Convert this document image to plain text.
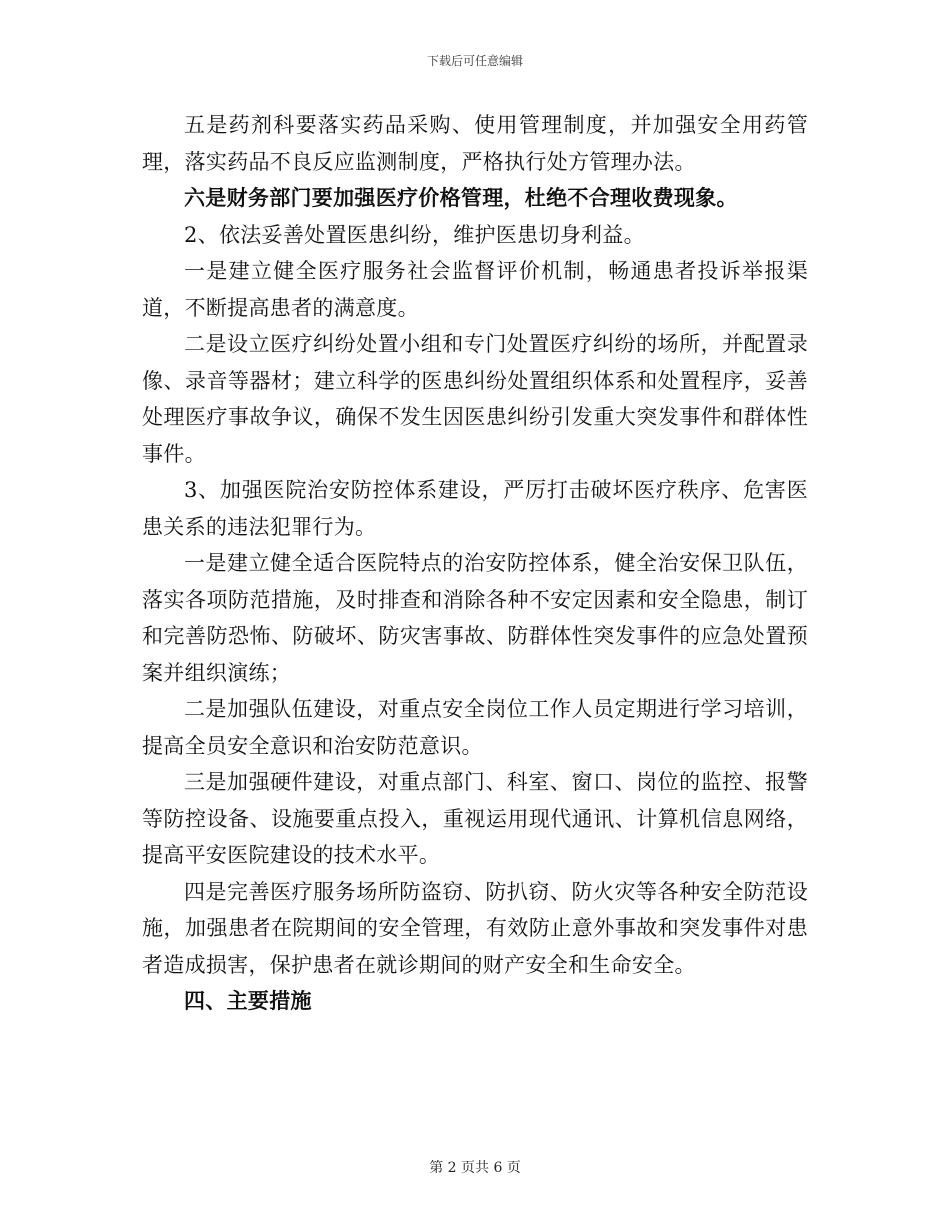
下载后可任意编辑

五是药剂科要落实药品采购、使用管理制度，并加强安全用药管理，落实药品不良反应监测制度，严格执行处方管理办法。

六是财务部门要加强医疗价格管理，杜绝不合理收费现象。

2、依法妥善处置医患纠纷，维护医患切身利益。

一是建立健全医疗服务社会监督评价机制，畅通患者投诉举报渠道，不断提高患者的满意度。

二是设立医疗纠纷处置小组和专门处置医疗纠纷的场所，并配置录像、录音等器材；建立科学的医患纠纷处置组织体系和处置程序，妥善处理医疗事故争议，确保不发生因医患纠纷引发重大突发事件和群体性事件。

3、加强医院治安防控体系建设，严厉打击破坏医疗秩序、危害医患关系的违法犯罪行为。

一是建立健全适合医院特点的治安防控体系，健全治安保卫队伍，落实各项防范措施，及时排查和消除各种不安定因素和安全隐患，制订和完善防恐怖、防破坏、防灾害事故、防群体性突发事件的应急处置预案并组织演练；

二是加强队伍建设，对重点安全岗位工作人员定期进行学习培训，提高全员安全意识和治安防范意识。

三是加强硬件建设，对重点部门、科室、窗口、岗位的监控、报警等防控设备、设施要重点投入，重视运用现代通讯、计算机信息网络，提高平安医院建设的技术水平。

四是完善医疗服务场所防盗窃、防扒窃、防火灾等各种安全防范设施，加强患者在院期间的安全管理，有效防止意外事故和突发事件对患者造成损害，保护患者在就诊期间的财产安全和生命安全。

四、主要措施

第 2 页共 6 页
